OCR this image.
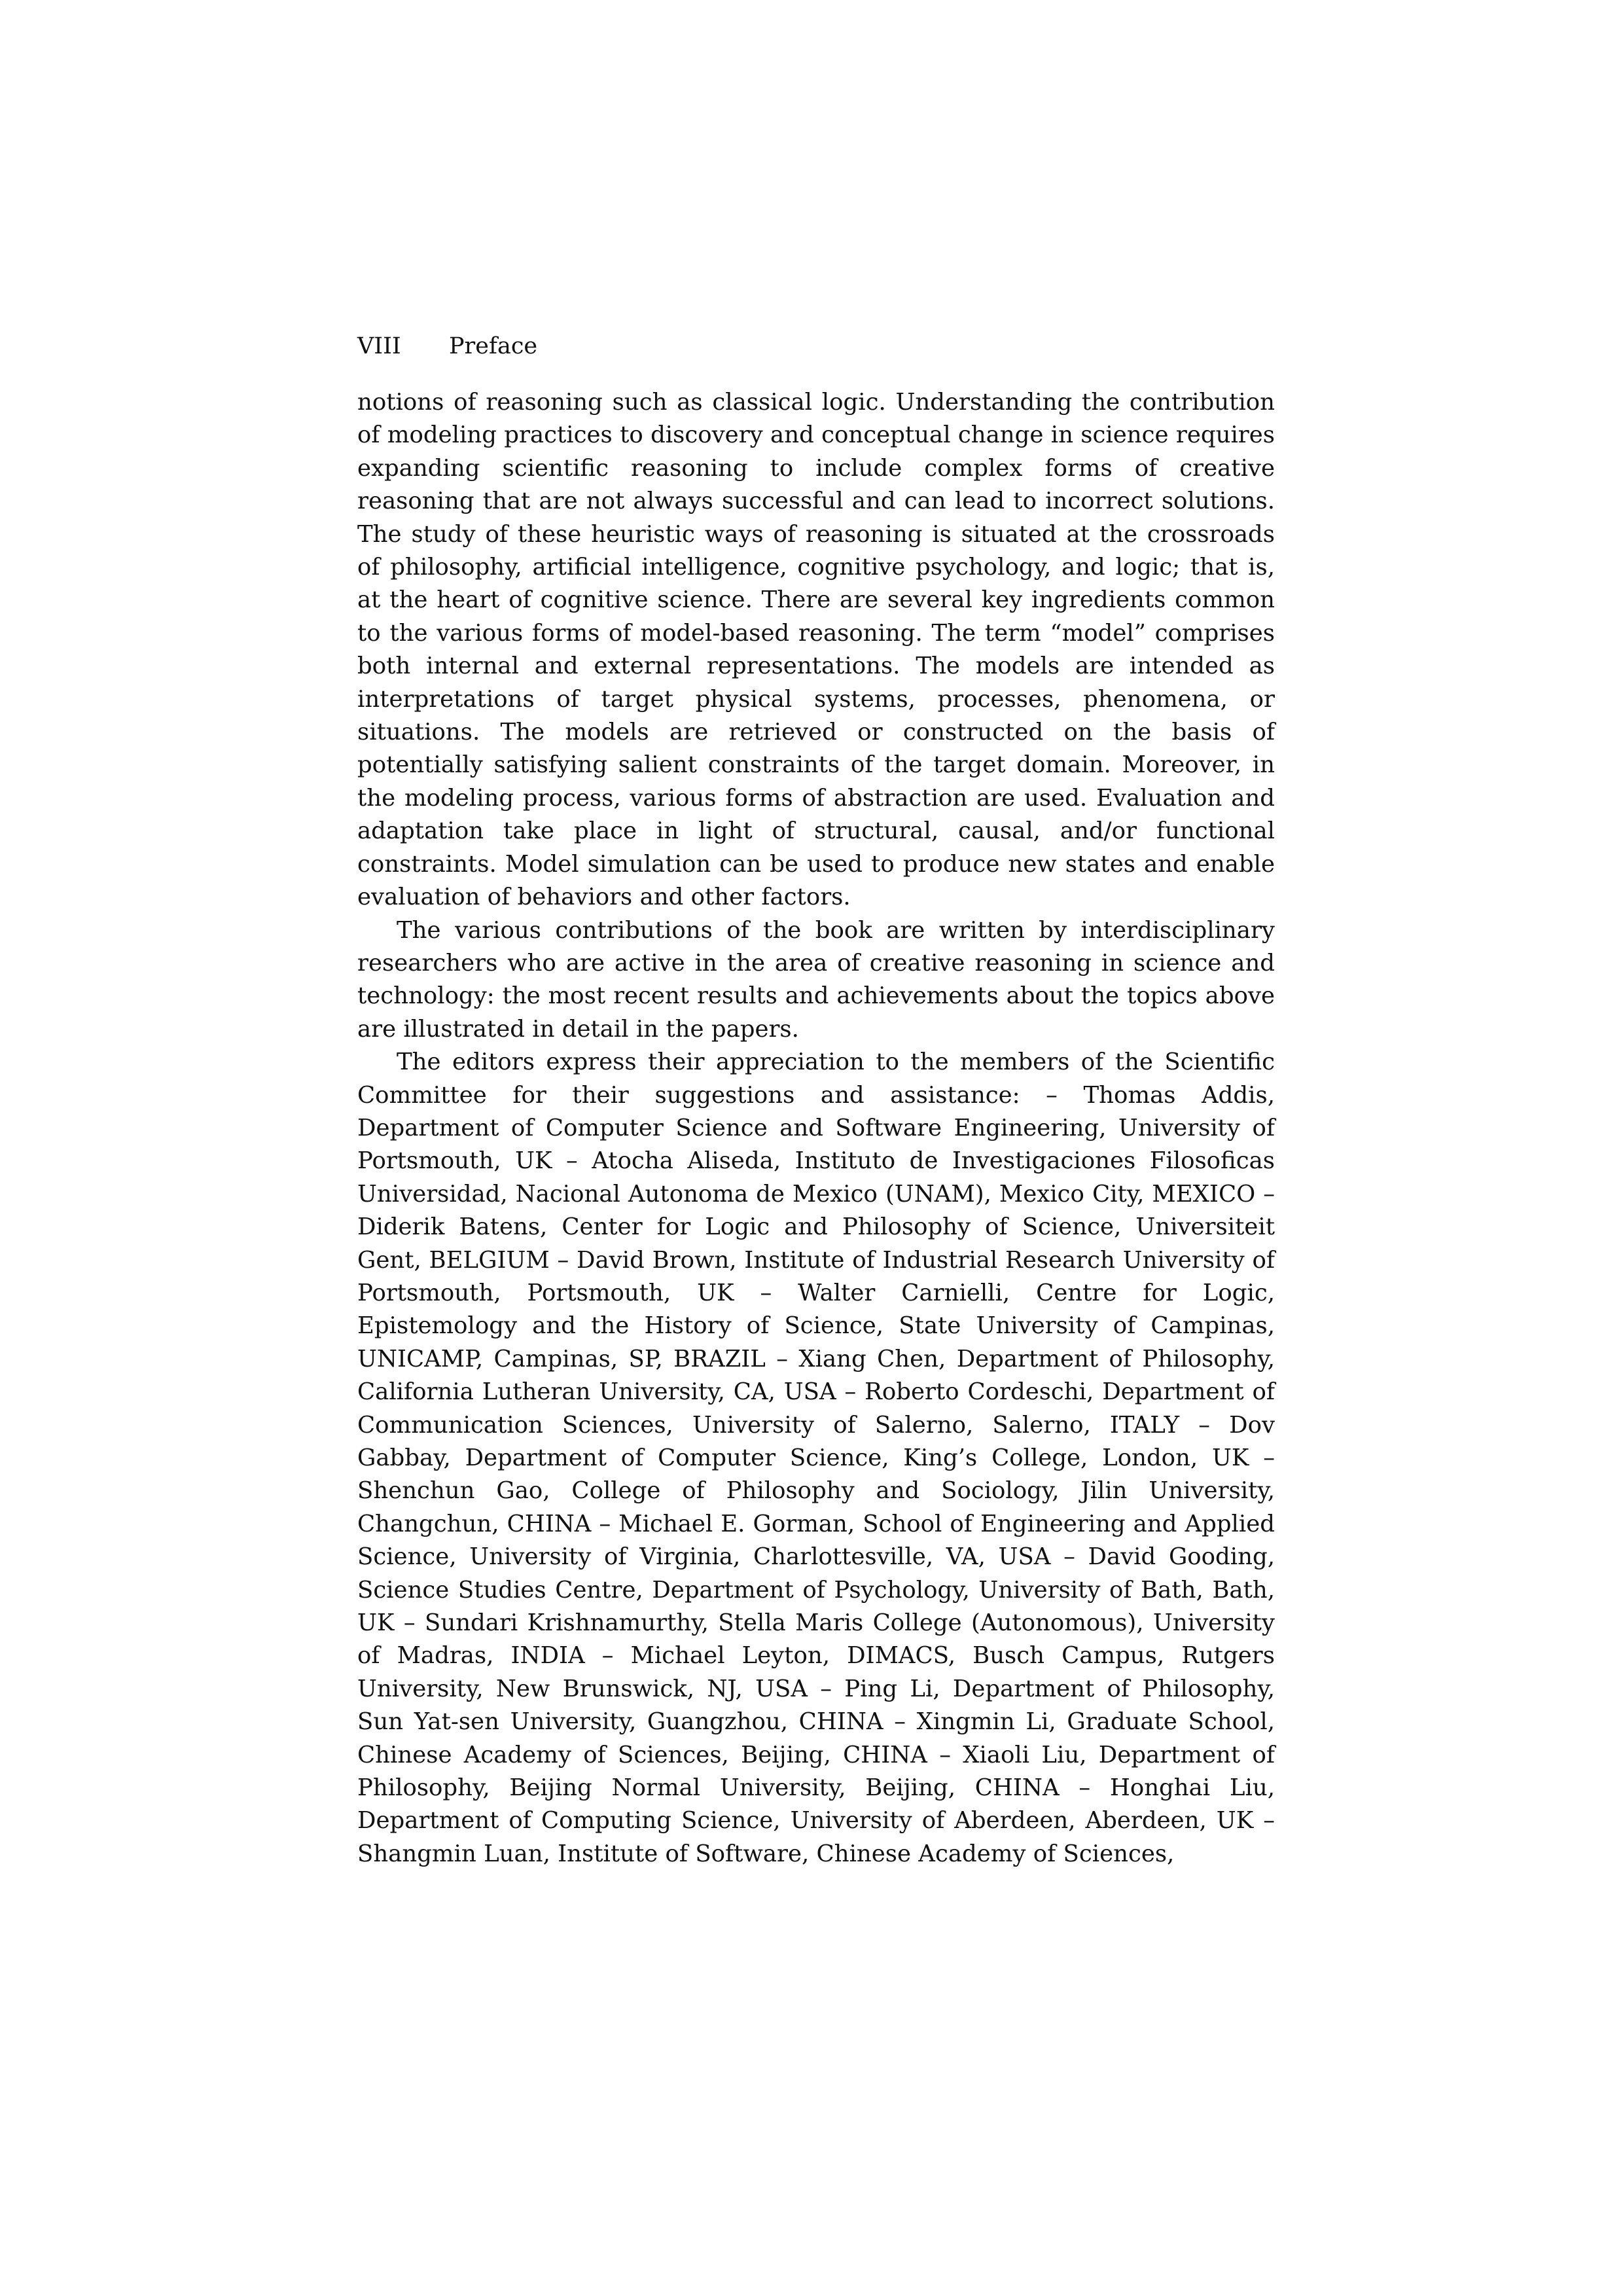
VIII Preface

notions of reasoning such as classical logic. Understanding the contribution of modeling practices to discovery and conceptual change in science requires expanding scientific reasoning to include complex forms of creative reasoning that are not always successful and can lead to incorrect solutions. The study of these heuristic ways of reasoning is situated at the crossroads of philosophy, artificial intelligence, cognitive psychology, and logic; that is, at the heart of cognitive science. There are several key ingredients common to the various forms of model-based reasoning. The term “model” comprises both internal and external representations. The models are intended as interpretations of target physical systems, processes, phenomena, or situations. The models are retrieved or constructed on the basis of potentially satisfying salient constraints of the target domain. Moreover, in the modeling process, various forms of abstraction are used. Evaluation and adaptation take place in light of structural, causal, and/or functional constraints. Model simulation can be used to produce new states and enable evaluation of behaviors and other factors.

The various contributions of the book are written by interdisciplinary researchers who are active in the area of creative reasoning in science and technology: the most recent results and achievements about the topics above are illustrated in detail in the papers.

The editors express their appreciation to the members of the Scientific Committee for their suggestions and assistance: – Thomas Addis, Department of Computer Science and Software Engineering, University of Portsmouth, UK – Atocha Aliseda, Instituto de Investigaciones Filosoficas Universidad, Nacional Autonoma de Mexico (UNAM), Mexico City, MEXICO – Diderik Batens, Center for Logic and Philosophy of Science, Universiteit Gent, BELGIUM – David Brown, Institute of Industrial Research University of Portsmouth, Portsmouth, UK – Walter Carnielli, Centre for Logic, Epistemology and the History of Science, State University of Campinas, UNICAMP, Campinas, SP, BRAZIL – Xiang Chen, Department of Philosophy, California Lutheran University, CA, USA – Roberto Cordeschi, Department of Communication Sciences, University of Salerno, Salerno, ITALY – Dov Gabbay, Department of Computer Science, King’s College, London, UK – Shenchun Gao, College of Philosophy and Sociology, Jilin University, Changchun, CHINA – Michael E. Gorman, School of Engineering and Applied Science, University of Virginia, Charlottesville, VA, USA – David Gooding, Science Studies Centre, Department of Psychology, University of Bath, Bath, UK – Sundari Krishnamurthy, Stella Maris College (Autonomous), University of Madras, INDIA – Michael Leyton, DIMACS, Busch Campus, Rutgers University, New Brunswick, NJ, USA – Ping Li, Department of Philosophy, Sun Yat-sen University, Guangzhou, CHINA – Xingmin Li, Graduate School, Chinese Academy of Sciences, Beijing, CHINA – Xiaoli Liu, Department of Philosophy, Beijing Normal University, Beijing, CHINA – Honghai Liu, Department of Computing Science, University of Aberdeen, Aberdeen, UK – Shangmin Luan, Institute of Software, Chinese Academy of Sciences,
